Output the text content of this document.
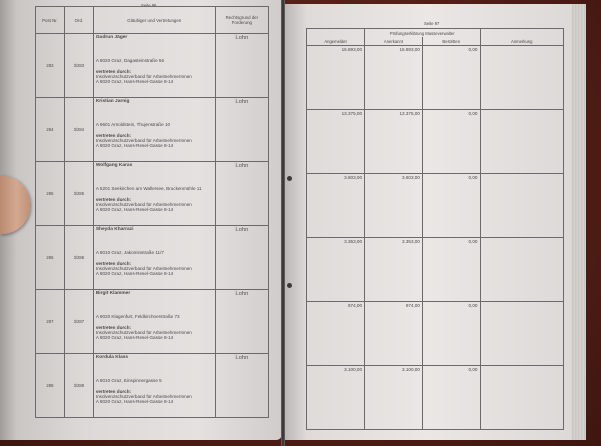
Seite 96
Post Nr.	Ord.	Gläubiger und Vertretungen	Rechtsgrund der Forderung
283	3/283	Gudrun Jäger
A 8020 Graz, Dagasteinstraße 56
vertreten durch:
Insolvenzschutzverband für ArbeitnehmerInnen
A 8020 Graz, Hans-Resel-Gasse 8-14	Lohn

284	3/284	Kristian Jarnig
A 9601 Arnoldstein, Thujenstraße 10
vertreten durch:
Insolvenzschutzverband für ArbeitnehmerInnen
A 8020 Graz, Hans-Resel-Gasse 8-14	Lohn

285	3/285	Wolfgang Karas
A 5201 Seekirchen am Wallersee, Bruckenmühle 11
vertreten durch:
Insolvenzschutzverband für ArbeitnehmerInnen
A 8020 Graz, Hans-Resel-Gasse 8-14	Lohn

286	3/286	Sheyda Kharrazi
A 8010 Graz, Jakominstraße 11/7
vertreten durch:
Insolvenzschutzverband für ArbeitnehmerInnen
A 8020 Graz, Hans-Resel-Gasse 8-14	Lohn

287	3/287	Birgit Klammer
A 9020 Klagenfurt, Feldkirchnerstraße 73
vertreten durch:
Insolvenzschutzverband für ArbeitnehmerInnen
A 8020 Graz, Hans-Resel-Gasse 8-14	Lohn

288	3/288	Kordula Klass
A 8010 Graz, Einspinnergasse 5
vertreten durch:
Insolvenzschutzverband für ArbeitnehmerInnen
A 8020 Graz, Hans-Resel-Gasse 8-14	Lohn
Seite 97
Angemeldet	Prüfungserklärung Masseverwalter		Anmerkung
	Anerkannt	Bestritten	
16.893,00	16.893,00	0,00	
13.375,00	13.375,00	0,00	
3.603,00	3.603,00	0,00	
3.353,00	3.353,00	0,00	
974,00	974,00	0,00	
3.100,00	3.100,00	0,00	
